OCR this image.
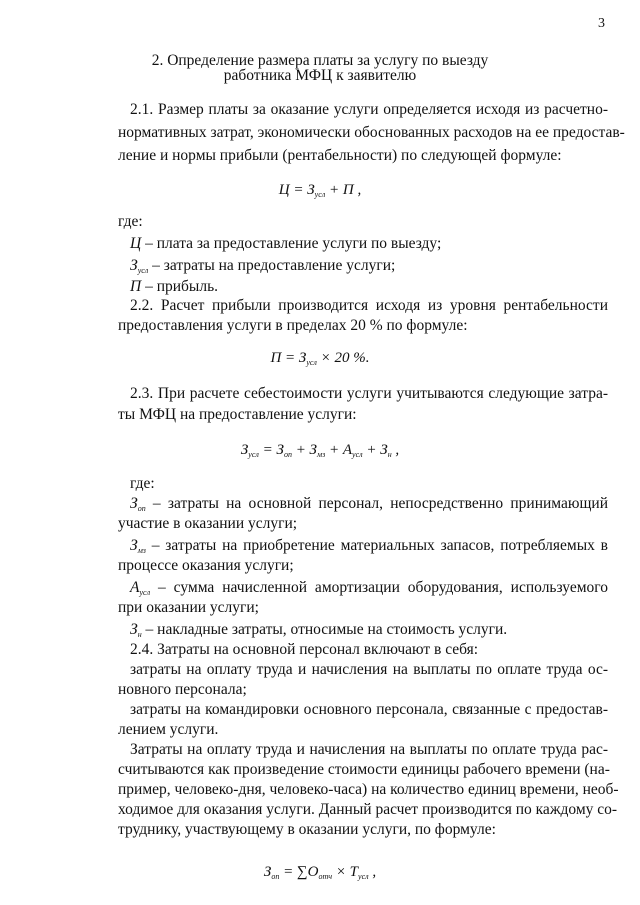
3
2. Определение размера платы за услугу по выезду
работника МФЦ к заявителю
2.1. Размер платы за оказание услуги определяется исходя из расчетно-
нормативных затрат, экономически обоснованных расходов на ее предостав-
ление и нормы прибыли (рентабельности) по следующей формуле:
$Ц = З_{усл} + П$ ,
где:
Ц – плата за предоставление услуги по выезду;
$З_{усл}$ – затраты на предоставление услуги;
П – прибыль.
2.2. Расчет прибыли производится исходя из уровня рентабельности
предоставления услуги в пределах 20 % по формуле:
$П = З_{усл} \times 20$ %.
2.3. При расчете себестоимости услуги учитываются следующие затра-
ты МФЦ на предоставление услуги:
$З_{усл} = З_{оп} + З_{мз} + А_{усл} + З_н$ ,
где:
$З_{оп}$ – затраты на основной персонал, непосредственно принимающий
участие в оказании услуги;
$З_{мз}$ – затраты на приобретение материальных запасов, потребляемых в
процессе оказания услуги;
$А_{усл}$ – сумма начисленной амортизации оборудования, используемого
при оказании услуги;
$З_н$ – накладные затраты, относимые на стоимость услуги.
2.4. Затраты на основной персонал включают в себя:
затраты на оплату труда и начисления на выплаты по оплате труда ос-
новного персонала;
затраты на командировки основного персонала, связанные с предостав-
лением услуги.
Затраты на оплату труда и начисления на выплаты по оплате труда рас-
считываются как произведение стоимости единицы рабочего времени (на-
пример, человеко-дня, человеко-часа) на количество единиц времени, необ-
ходимое для оказания услуги. Данный расчет производится по каждому со-
труднику, участвующему в оказании услуги, по формуле:
$З_{оп} = \sum О_{отч} \times Т_{усл}$ ,
